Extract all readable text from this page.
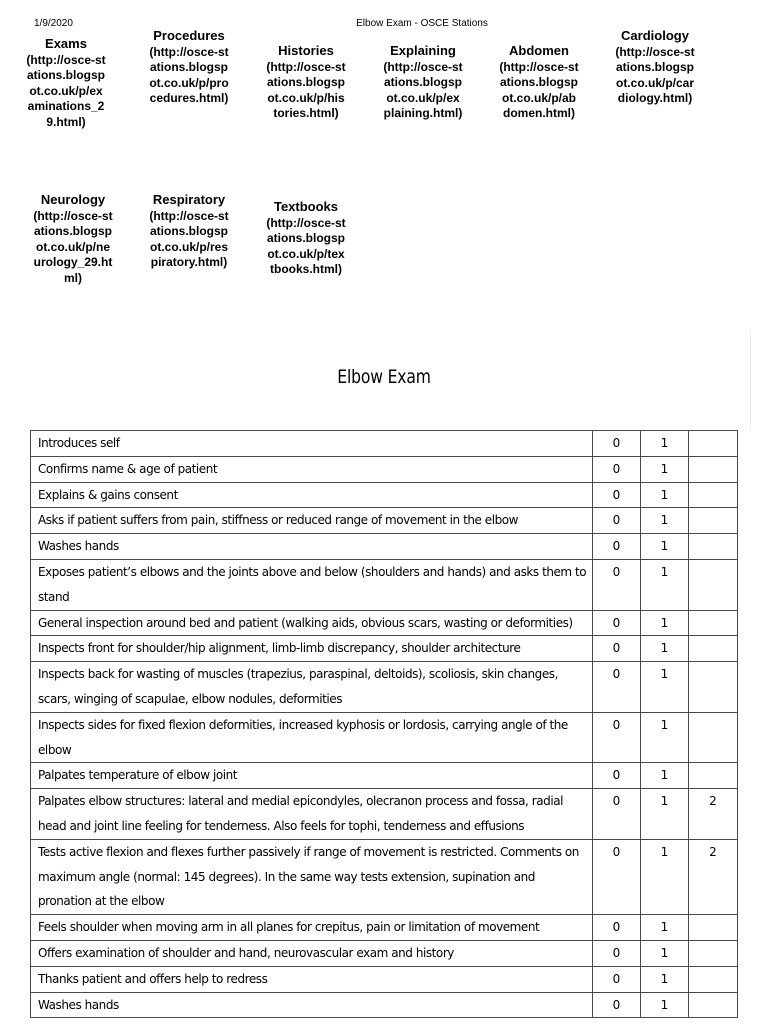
1/9/2020	Elbow Exam - OSCE Stations
Exams
(http://osce-stations.blogspot.co.uk/p/examinations_29.html)
Procedures
(http://osce-stations.blogspot.co.uk/p/procedures.html)
Histories
(http://osce-stations.blogspot.co.uk/p/histories.html)
Explaining
(http://osce-stations.blogspot.co.uk/p/explaining.html)
Abdomen
(http://osce-stations.blogspot.co.uk/p/abdomen.html)
Cardiology
(http://osce-stations.blogspot.co.uk/p/cardiology.html)
Neurology
(http://osce-stations.blogspot.co.uk/p/neurology_29.html)
Respiratory
(http://osce-stations.blogspot.co.uk/p/respiratory.html)
Textbooks
(http://osce-stations.blogspot.co.uk/p/textbooks.html)
Elbow Exam
Introduces self	0	1	
Confirms name & age of patient	0	1	
Explains & gains consent	0	1	
Asks if patient suffers from pain, stiffness or reduced range of movement in the elbow	0	1	
Washes hands	0	1	
Exposes patient’s elbows and the joints above and below (shoulders and hands) and asks them to stand	0	1	
General inspection around bed and patient (walking aids, obvious scars, wasting or deformities)	0	1	
Inspects front for shoulder/hip alignment, limb-limb discrepancy, shoulder architecture	0	1	
Inspects back for wasting of muscles (trapezius, paraspinal, deltoids), scoliosis, skin changes, scars, winging of scapulae, elbow nodules, deformities	0	1	
Inspects sides for fixed flexion deformities, increased kyphosis or lordosis, carrying angle of the elbow	0	1	
Palpates temperature of elbow joint	0	1	
Palpates elbow structures: lateral and medial epicondyles, olecranon process and fossa, radial head and joint line feeling for tenderness. Also feels for tophi, tenderness and effusions	0	1	2
Tests active flexion and flexes further passively if range of movement is restricted. Comments on maximum angle (normal: 145 degrees). In the same way tests extension, supination and pronation at the elbow	0	1	2
Feels shoulder when moving arm in all planes for crepitus, pain or limitation of movement	0	1	
Offers examination of shoulder and hand, neurovascular exam and history	0	1	
Thanks patient and offers help to redress	0	1	
Washes hands	0	1	
